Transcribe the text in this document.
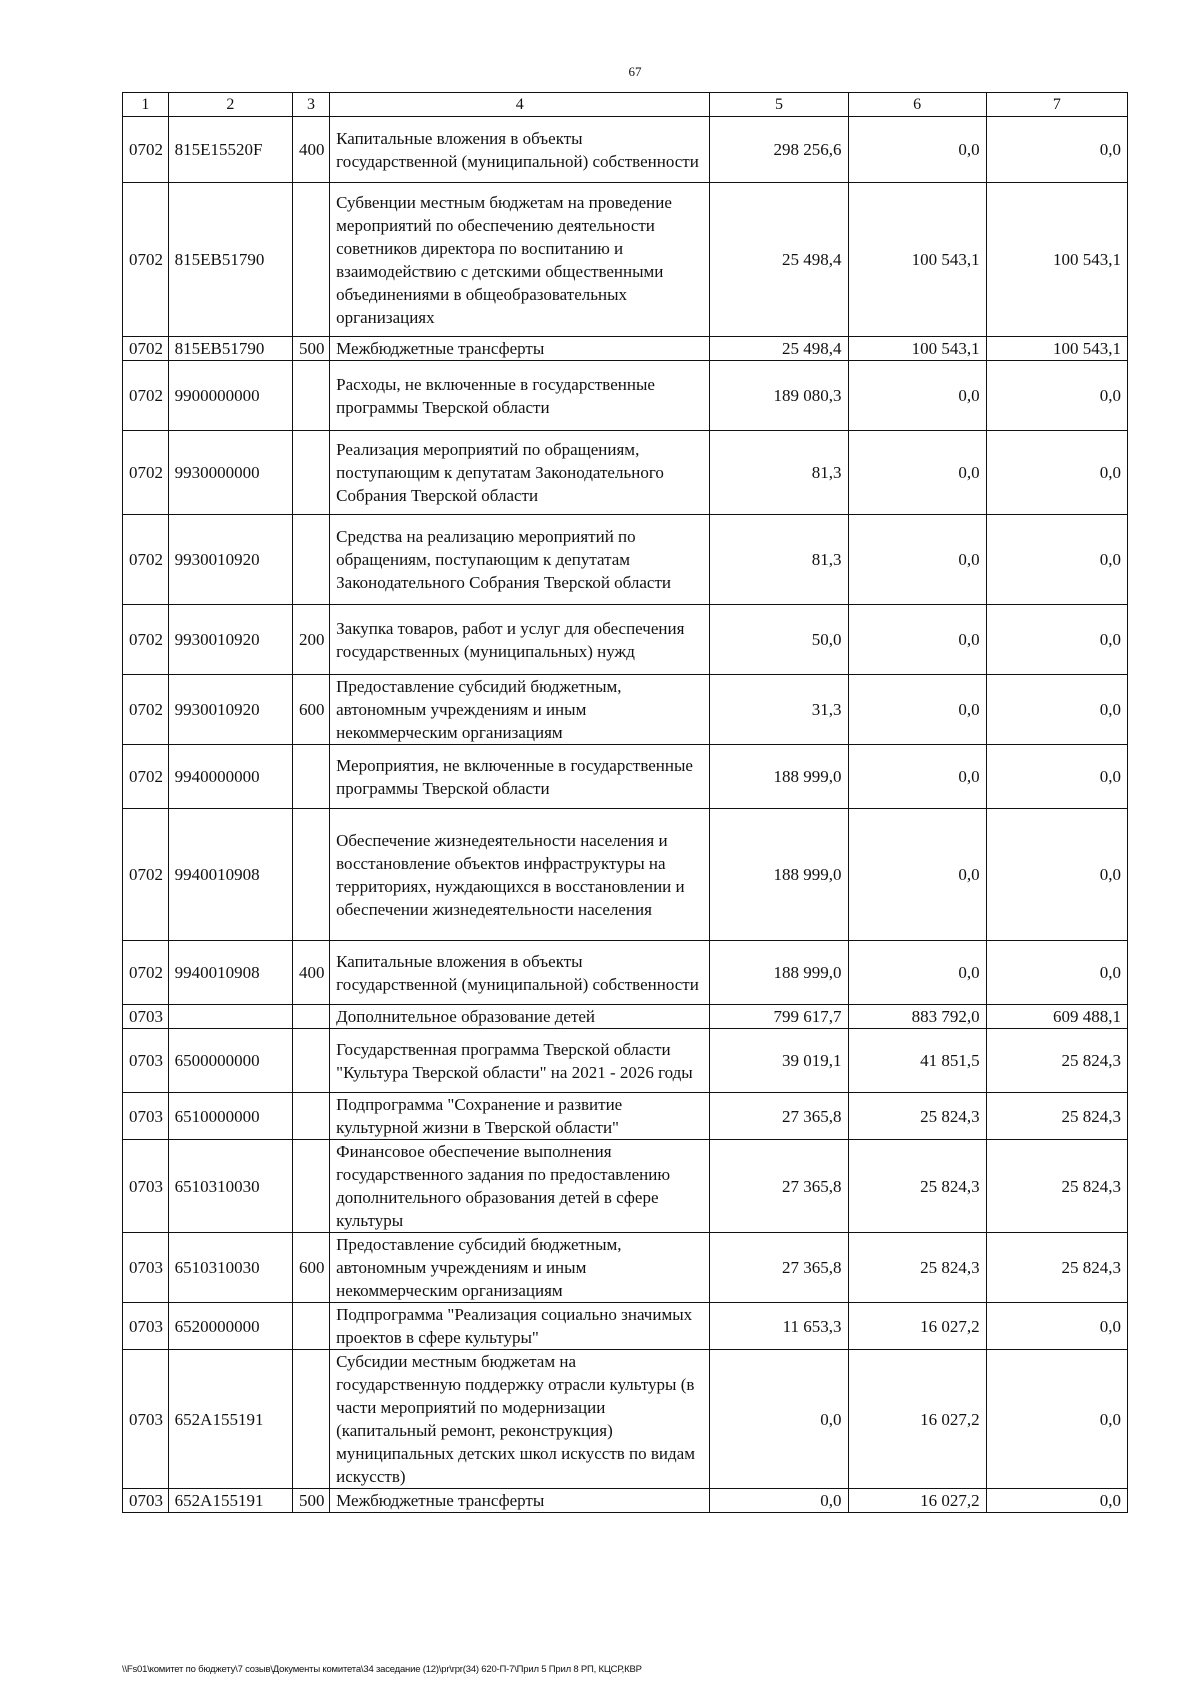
67
1	2	3	4	5	6	7
0702	815E15520F	400	Капитальные вложения в объекты государственной (муниципальной) собственности	298 256,6	0,0	0,0
0702	815EB51790		Субвенции местным бюджетам на проведение мероприятий по обеспечению деятельности советников директора по воспитанию и взаимодействию с детскими общественными объединениями в общеобразовательных организациях	25 498,4	100 543,1	100 543,1
0702	815EB51790	500	Межбюджетные трансферты	25 498,4	100 543,1	100 543,1
0702	9900000000		Расходы, не включенные в государственные программы Тверской области	189 080,3	0,0	0,0
0702	9930000000		Реализация мероприятий по обращениям, поступающим к депутатам Законодательного Собрания Тверской области	81,3	0,0	0,0
0702	9930010920		Средства на реализацию мероприятий по обращениям, поступающим к депутатам Законодательного Собрания Тверской области	81,3	0,0	0,0
0702	9930010920	200	Закупка товаров, работ и услуг для обеспечения государственных (муниципальных) нужд	50,0	0,0	0,0
0702	9930010920	600	Предоставление субсидий бюджетным, автономным учреждениям и иным некоммерческим организациям	31,3	0,0	0,0
0702	9940000000		Мероприятия, не включенные в государственные программы Тверской области	188 999,0	0,0	0,0
0702	9940010908		Обеспечение жизнедеятельности населения и восстановление объектов инфраструктуры на территориях, нуждающихся в восстановлении и обеспечении жизнедеятельности населения	188 999,0	0,0	0,0
0702	9940010908	400	Капитальные вложения в объекты государственной (муниципальной) собственности	188 999,0	0,0	0,0
0703			Дополнительное образование детей	799 617,7	883 792,0	609 488,1
0703	6500000000		Государственная программа Тверской области "Культура Тверской области" на 2021 - 2026 годы	39 019,1	41 851,5	25 824,3
0703	6510000000		Подпрограмма "Сохранение и развитие культурной жизни в Тверской области"	27 365,8	25 824,3	25 824,3
0703	6510310030		Финансовое обеспечение выполнения государственного задания по предоставлению дополнительного образования детей в сфере культуры	27 365,8	25 824,3	25 824,3
0703	6510310030	600	Предоставление субсидий бюджетным, автономным учреждениям и иным некоммерческим организациям	27 365,8	25 824,3	25 824,3
0703	6520000000		Подпрограмма "Реализация социально значимых проектов в сфере культуры"	11 653,3	16 027,2	0,0
0703	652A155191		Субсидии местным бюджетам на государственную поддержку отрасли культуры (в части мероприятий по модернизации (капитальный ремонт, реконструкция) муниципальных детских школ искусств по видам искусств)	0,0	16 027,2	0,0
0703	652A155191	500	Межбюджетные трансферты	0,0	16 027,2	0,0
\\Fs01\комитет по бюджету\7 созыв\Документы комитета\34 заседание (12)\pr\rpr(34) 620-П-7\Прил 5 Прил 8 РП, КЦСР,КВР
